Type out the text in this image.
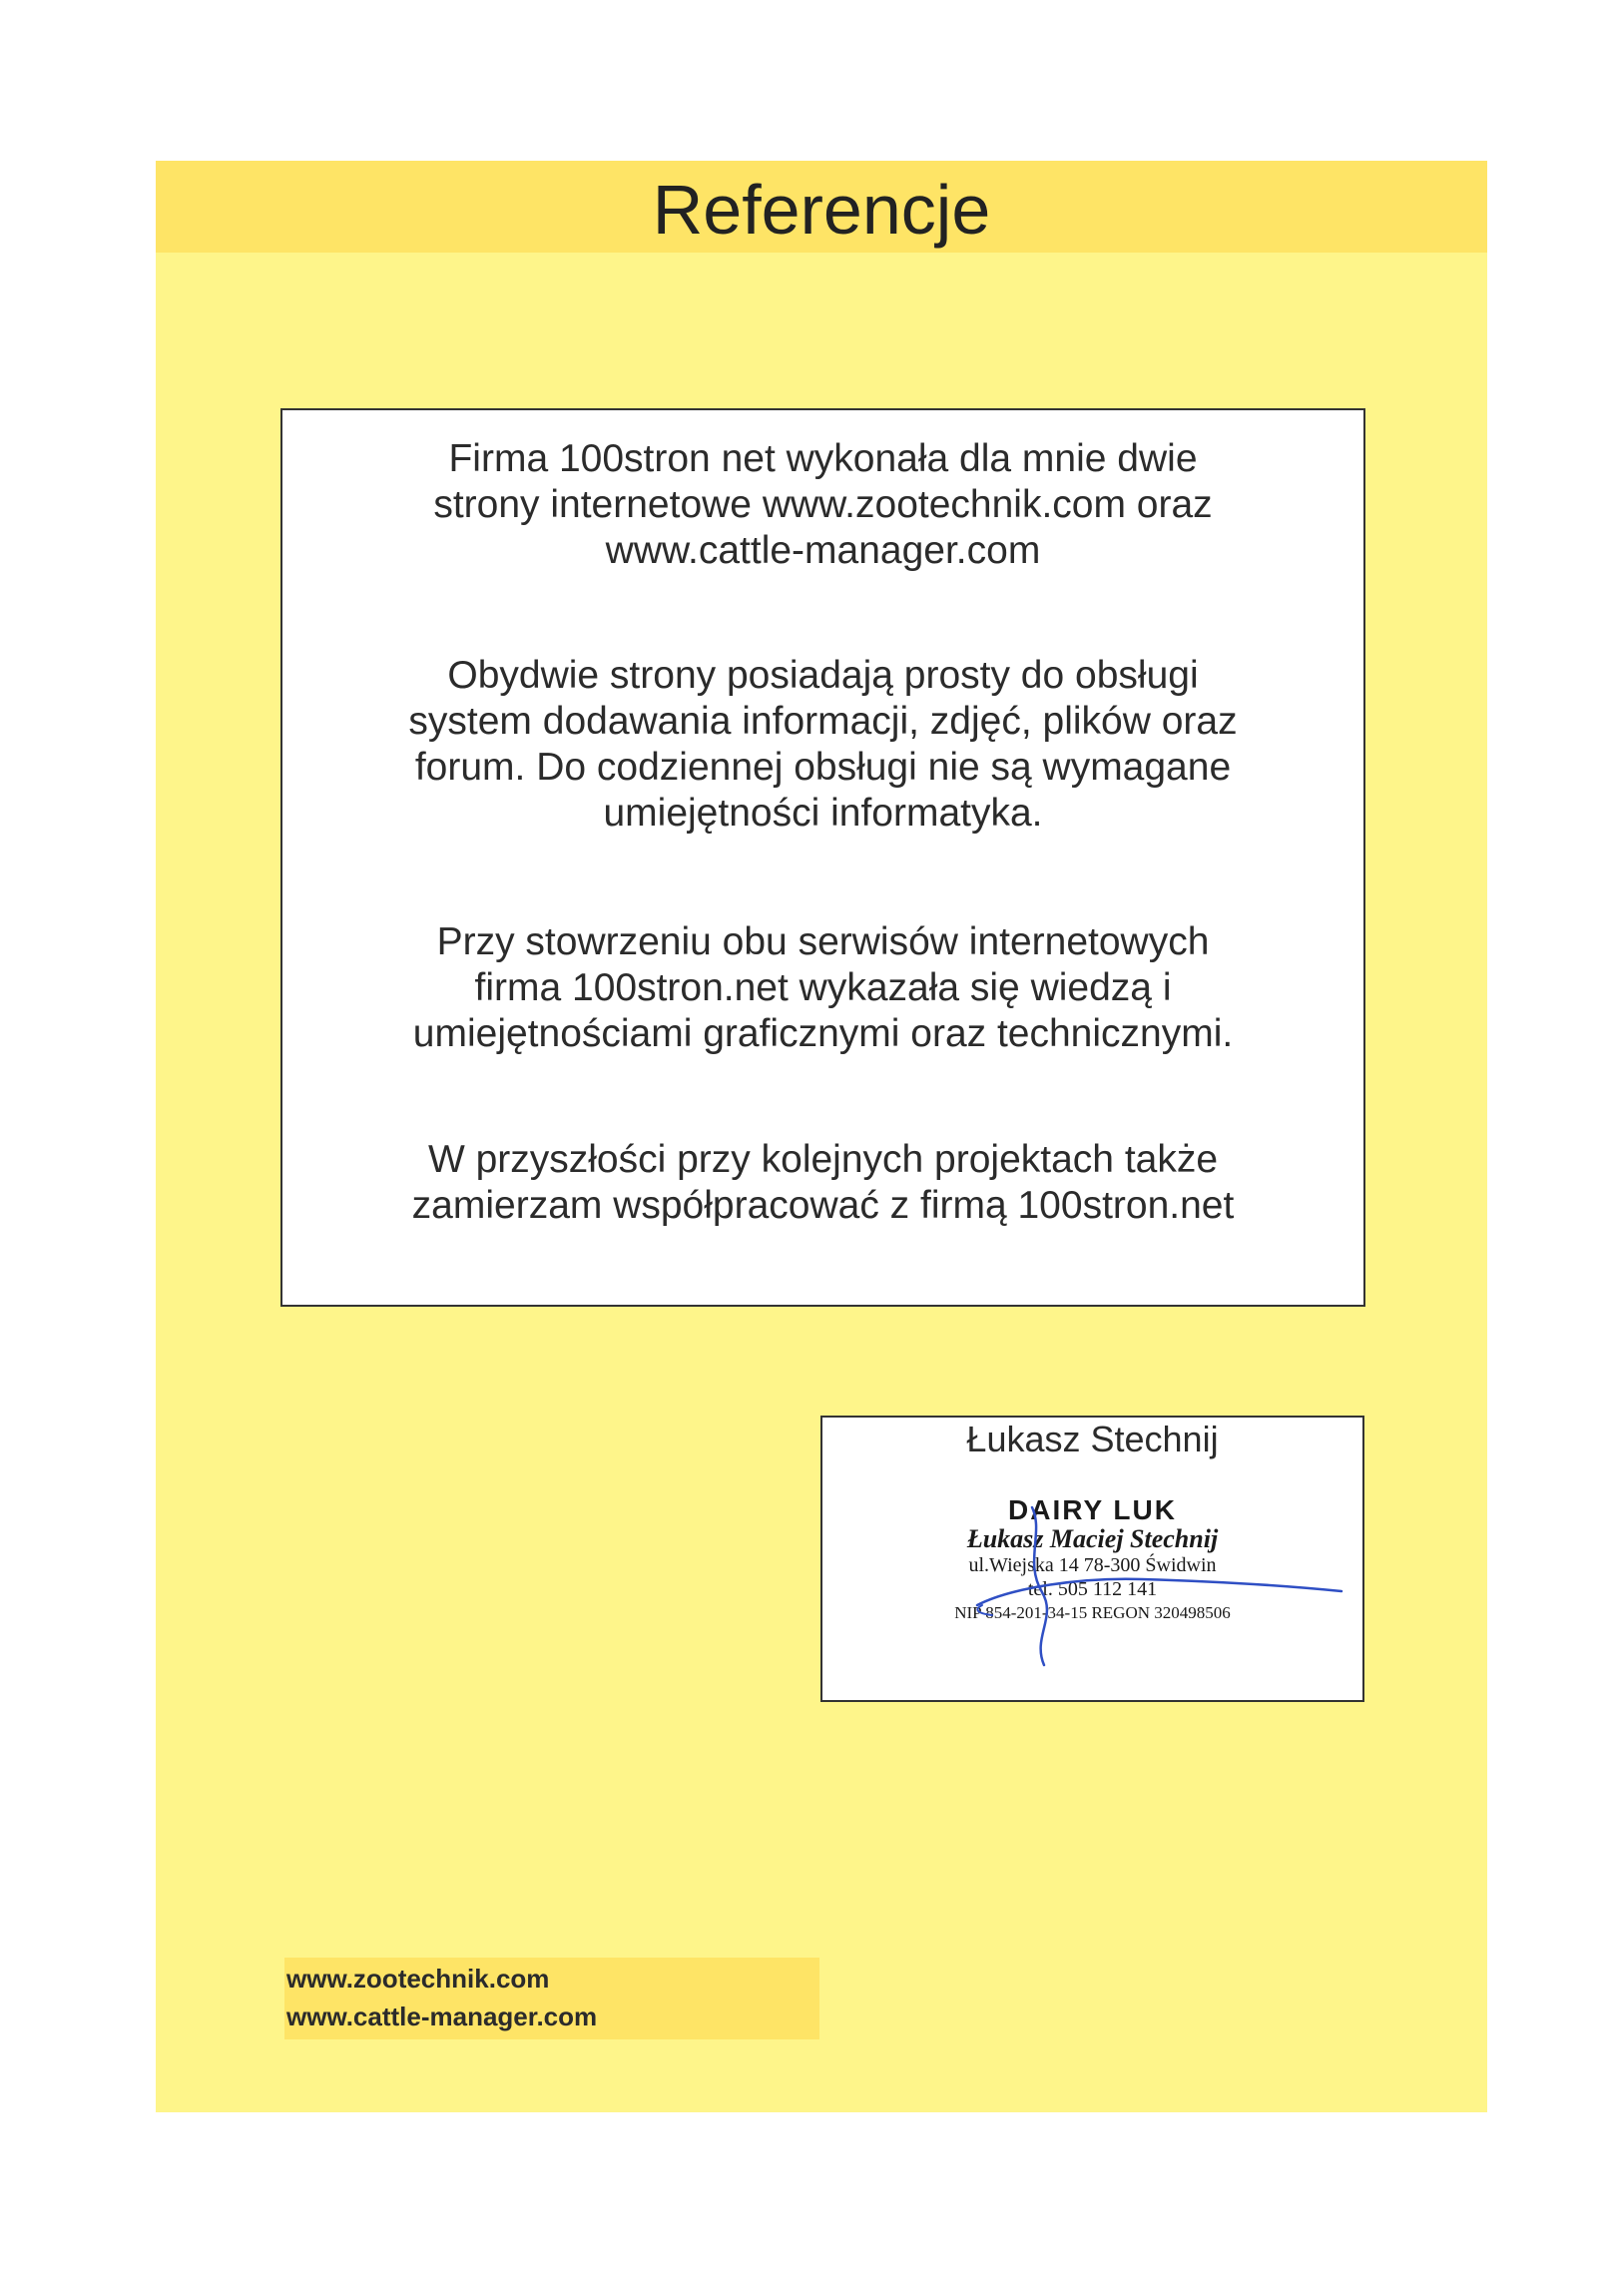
Referencje

Firma 100stron net wykonała dla mnie dwie
strony internetowe www.zootechnik.com oraz
www.cattle-manager.com

Obydwie strony posiadają prosty do obsługi
system dodawania informacji, zdjęć, plików oraz
forum. Do codziennej obsługi nie są wymagane
umiejętności informatyka.

Przy stowrzeniu obu serwisów internetowych
firma 100stron.net wykazała się wiedzą i
umiejętnościami graficznymi oraz technicznymi.

W przyszłości przy kolejnych projektach także
zamierzam współpracować z firmą 100stron.net

Łukasz Stechnij

DAIRY LUK
Łukasz Maciej Stechnij
ul.Wiejska 14 78-300 Świdwin
tel. 505 112 141
NIP 854-201-34-15 REGON 320498506

www.zootechnik.com

www.cattle-manager.com
